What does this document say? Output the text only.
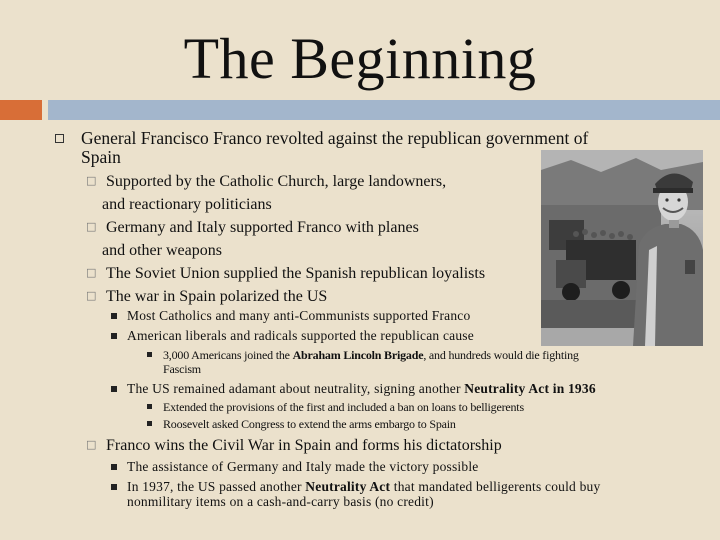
The Beginning
General Francisco Franco revolted against the republican government of
Spain
□ Supported by the Catholic Church, large landowners,
and reactionary politicians
□ Germany and Italy supported Franco with planes
and other weapons
□ The Soviet Union supplied the Spanish republican loyalists
□ The war in Spain polarized the US
Most Catholics and many anti-Communists supported Franco
American liberals and radicals supported the republican cause
3,000 Americans joined the Abraham Lincoln Brigade, and hundreds would die fighting
Fascism
The US remained adamant about neutrality, signing another Neutrality Act in 1936
Extended the provisions of the first and included a ban on loans to belligerents
Roosevelt asked Congress to extend the arms embargo to Spain
□ Franco wins the Civil War in Spain and forms his dictatorship
The assistance of Germany and Italy made the victory possible
In 1937, the US passed another Neutrality Act that mandated belligerents could buy
nonmilitary items on a cash-and-carry basis (no credit)
